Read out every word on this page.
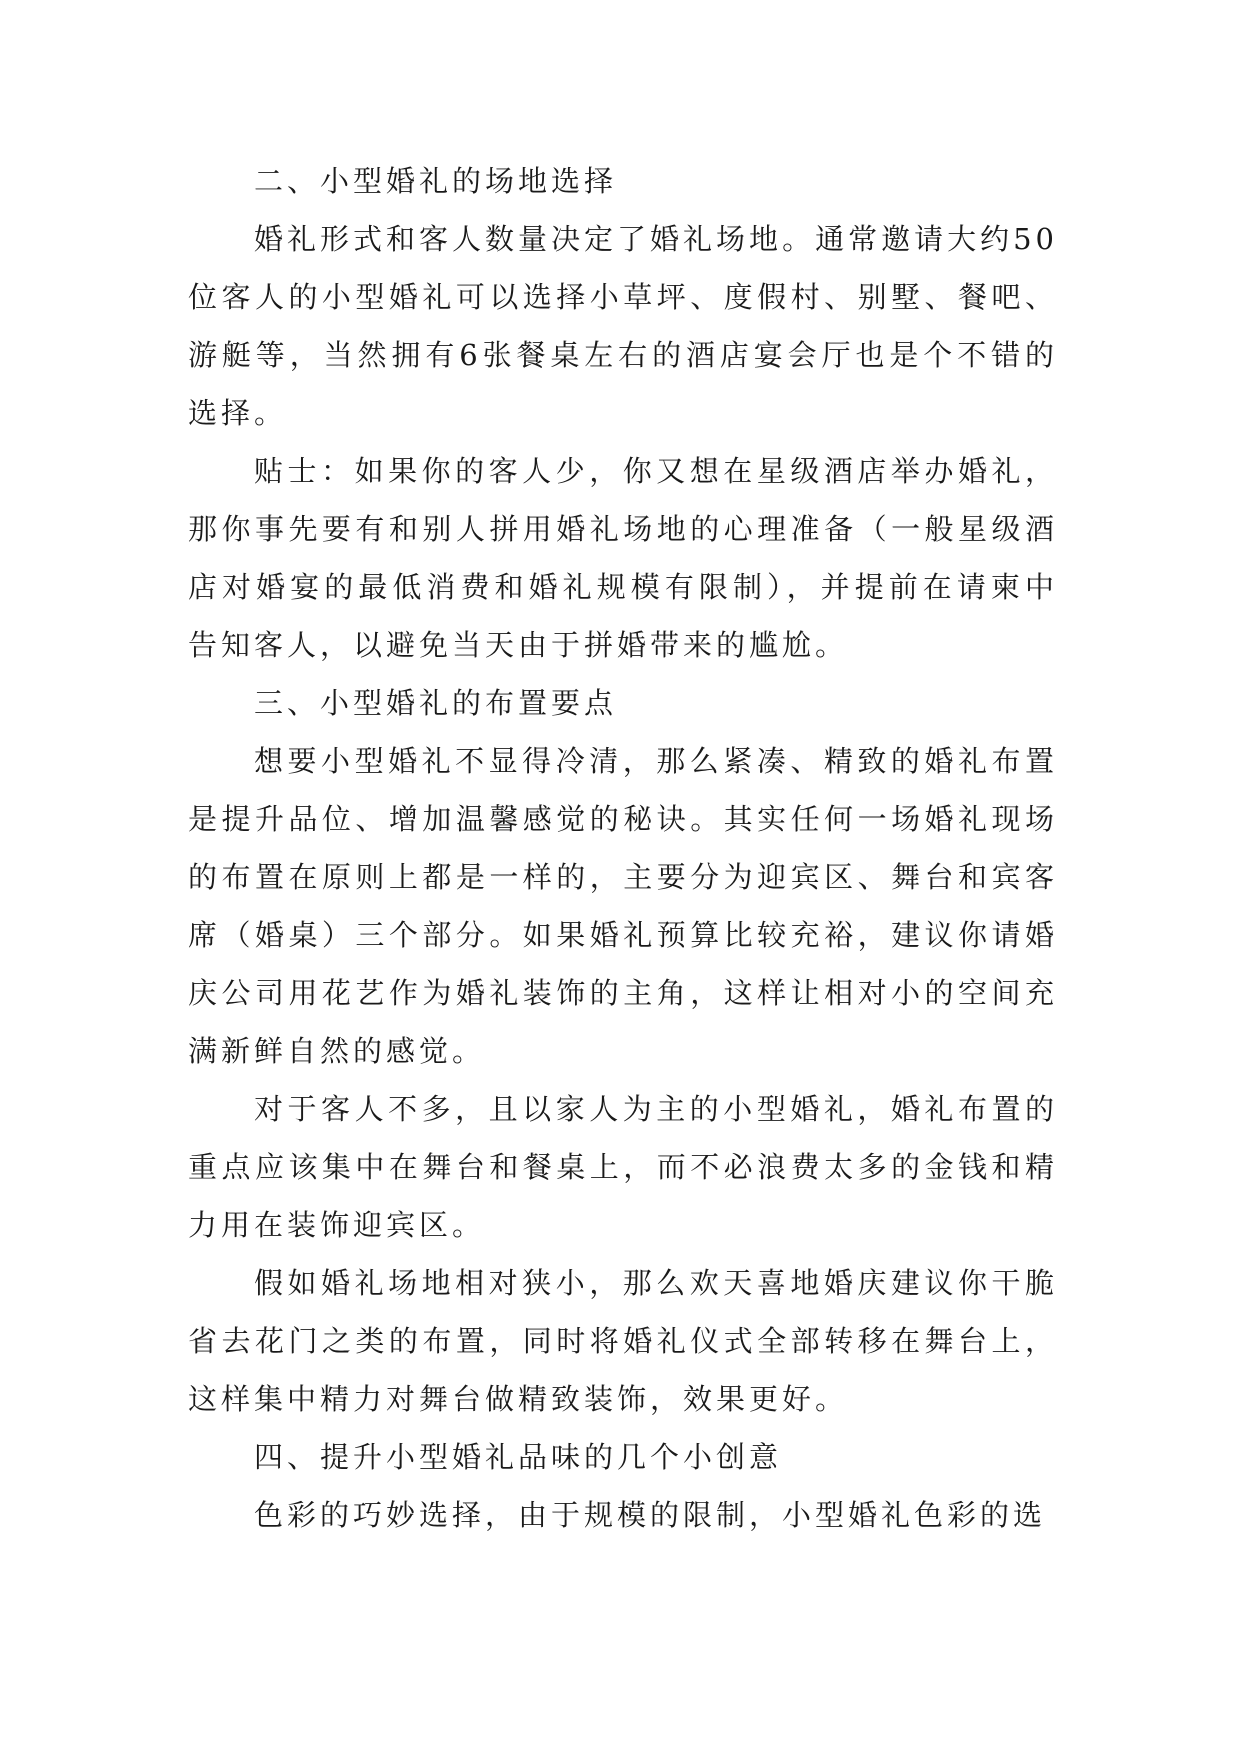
二、小型婚礼的场地选择

婚礼形式和客人数量决定了婚礼场地。通常邀请大约50位客人的小型婚礼可以选择小草坪、度假村、别墅、餐吧、游艇等，当然拥有6张餐桌左右的酒店宴会厅也是个不错的选择。

贴士：如果你的客人少，你又想在星级酒店举办婚礼，那你事先要有和别人拼用婚礼场地的心理准备（一般星级酒店对婚宴的最低消费和婚礼规模有限制），并提前在请柬中告知客人，以避免当天由于拼婚带来的尴尬。

三、小型婚礼的布置要点

想要小型婚礼不显得冷清，那么紧凑、精致的婚礼布置是提升品位、增加温馨感觉的秘诀。其实任何一场婚礼现场的布置在原则上都是一样的，主要分为迎宾区、舞台和宾客席（婚桌）三个部分。如果婚礼预算比较充裕，建议你请婚庆公司用花艺作为婚礼装饰的主角，这样让相对小的空间充满新鲜自然的感觉。

对于客人不多，且以家人为主的小型婚礼，婚礼布置的重点应该集中在舞台和餐桌上，而不必浪费太多的金钱和精力用在装饰迎宾区。

假如婚礼场地相对狭小，那么欢天喜地婚庆建议你干脆省去花门之类的布置，同时将婚礼仪式全部转移在舞台上，这样集中精力对舞台做精致装饰，效果更好。

四、提升小型婚礼品味的几个小创意

色彩的巧妙选择，由于规模的限制，小型婚礼色彩的选
